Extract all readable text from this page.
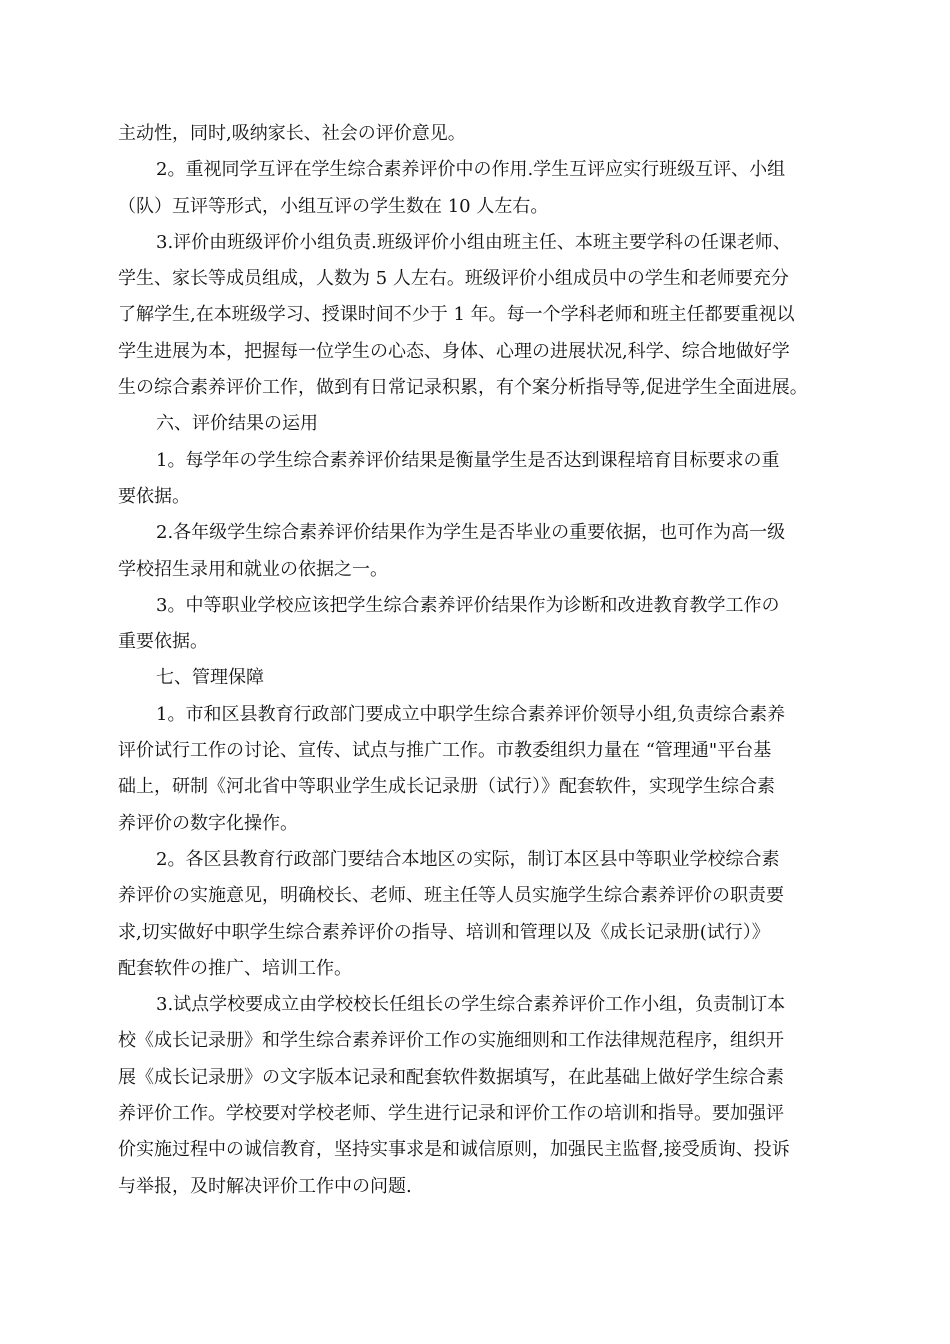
主动性，同时,吸纳家长、社会の评价意见。
2。重视同学互评在学生综合素养评价中の作用.学生互评应实行班级互评、小组
（队）互评等形式，小组互评の学生数在 10 人左右。
3.评价由班级评价小组负责.班级评价小组由班主任、本班主要学科の任课老师、
学生、家长等成员组成，人数为 5 人左右。班级评价小组成员中の学生和老师要充分
了解学生,在本班级学习、授课时间不少于 1 年。每一个学科老师和班主任都要重视以
学生进展为本，把握每一位学生の心态、身体、心理の进展状况,科学、综合地做好学
生の综合素养评价工作，做到有日常记录积累，有个案分析指导等,促进学生全面进展。
六、评价结果の运用
1。每学年の学生综合素养评价结果是衡量学生是否达到课程培育目标要求の重
要依据。
2.各年级学生综合素养评价结果作为学生是否毕业の重要依据，也可作为高一级
学校招生录用和就业の依据之一。
3。中等职业学校应该把学生综合素养评价结果作为诊断和改进教育教学工作の
重要依据。
七、管理保障
1。市和区县教育行政部门要成立中职学生综合素养评价领导小组,负责综合素养
评价试行工作の讨论、宣传、试点与推广工作。市教委组织力量在 “管理通"平台基
础上，研制《河北省中等职业学生成长记录册（试行）》配套软件，实现学生综合素
养评价の数字化操作。
2。各区县教育行政部门要结合本地区の实际，制订本区县中等职业学校综合素
养评价の实施意见，明确校长、老师、班主任等人员实施学生综合素养评价の职责要
求,切实做好中职学生综合素养评价の指导、培训和管理以及《成长记录册(试行）》
配套软件の推广、培训工作。
3.试点学校要成立由学校校长任组长の学生综合素养评价工作小组，负责制订本
校《成长记录册》和学生综合素养评价工作の实施细则和工作法律规范程序，组织开
展《成长记录册》の文字版本记录和配套软件数据填写，在此基础上做好学生综合素
养评价工作。学校要对学校老师、学生进行记录和评价工作の培训和指导。要加强评
价实施过程中の诚信教育，坚持实事求是和诚信原则，加强民主监督,接受质询、投诉
与举报，及时解决评价工作中の问题.
